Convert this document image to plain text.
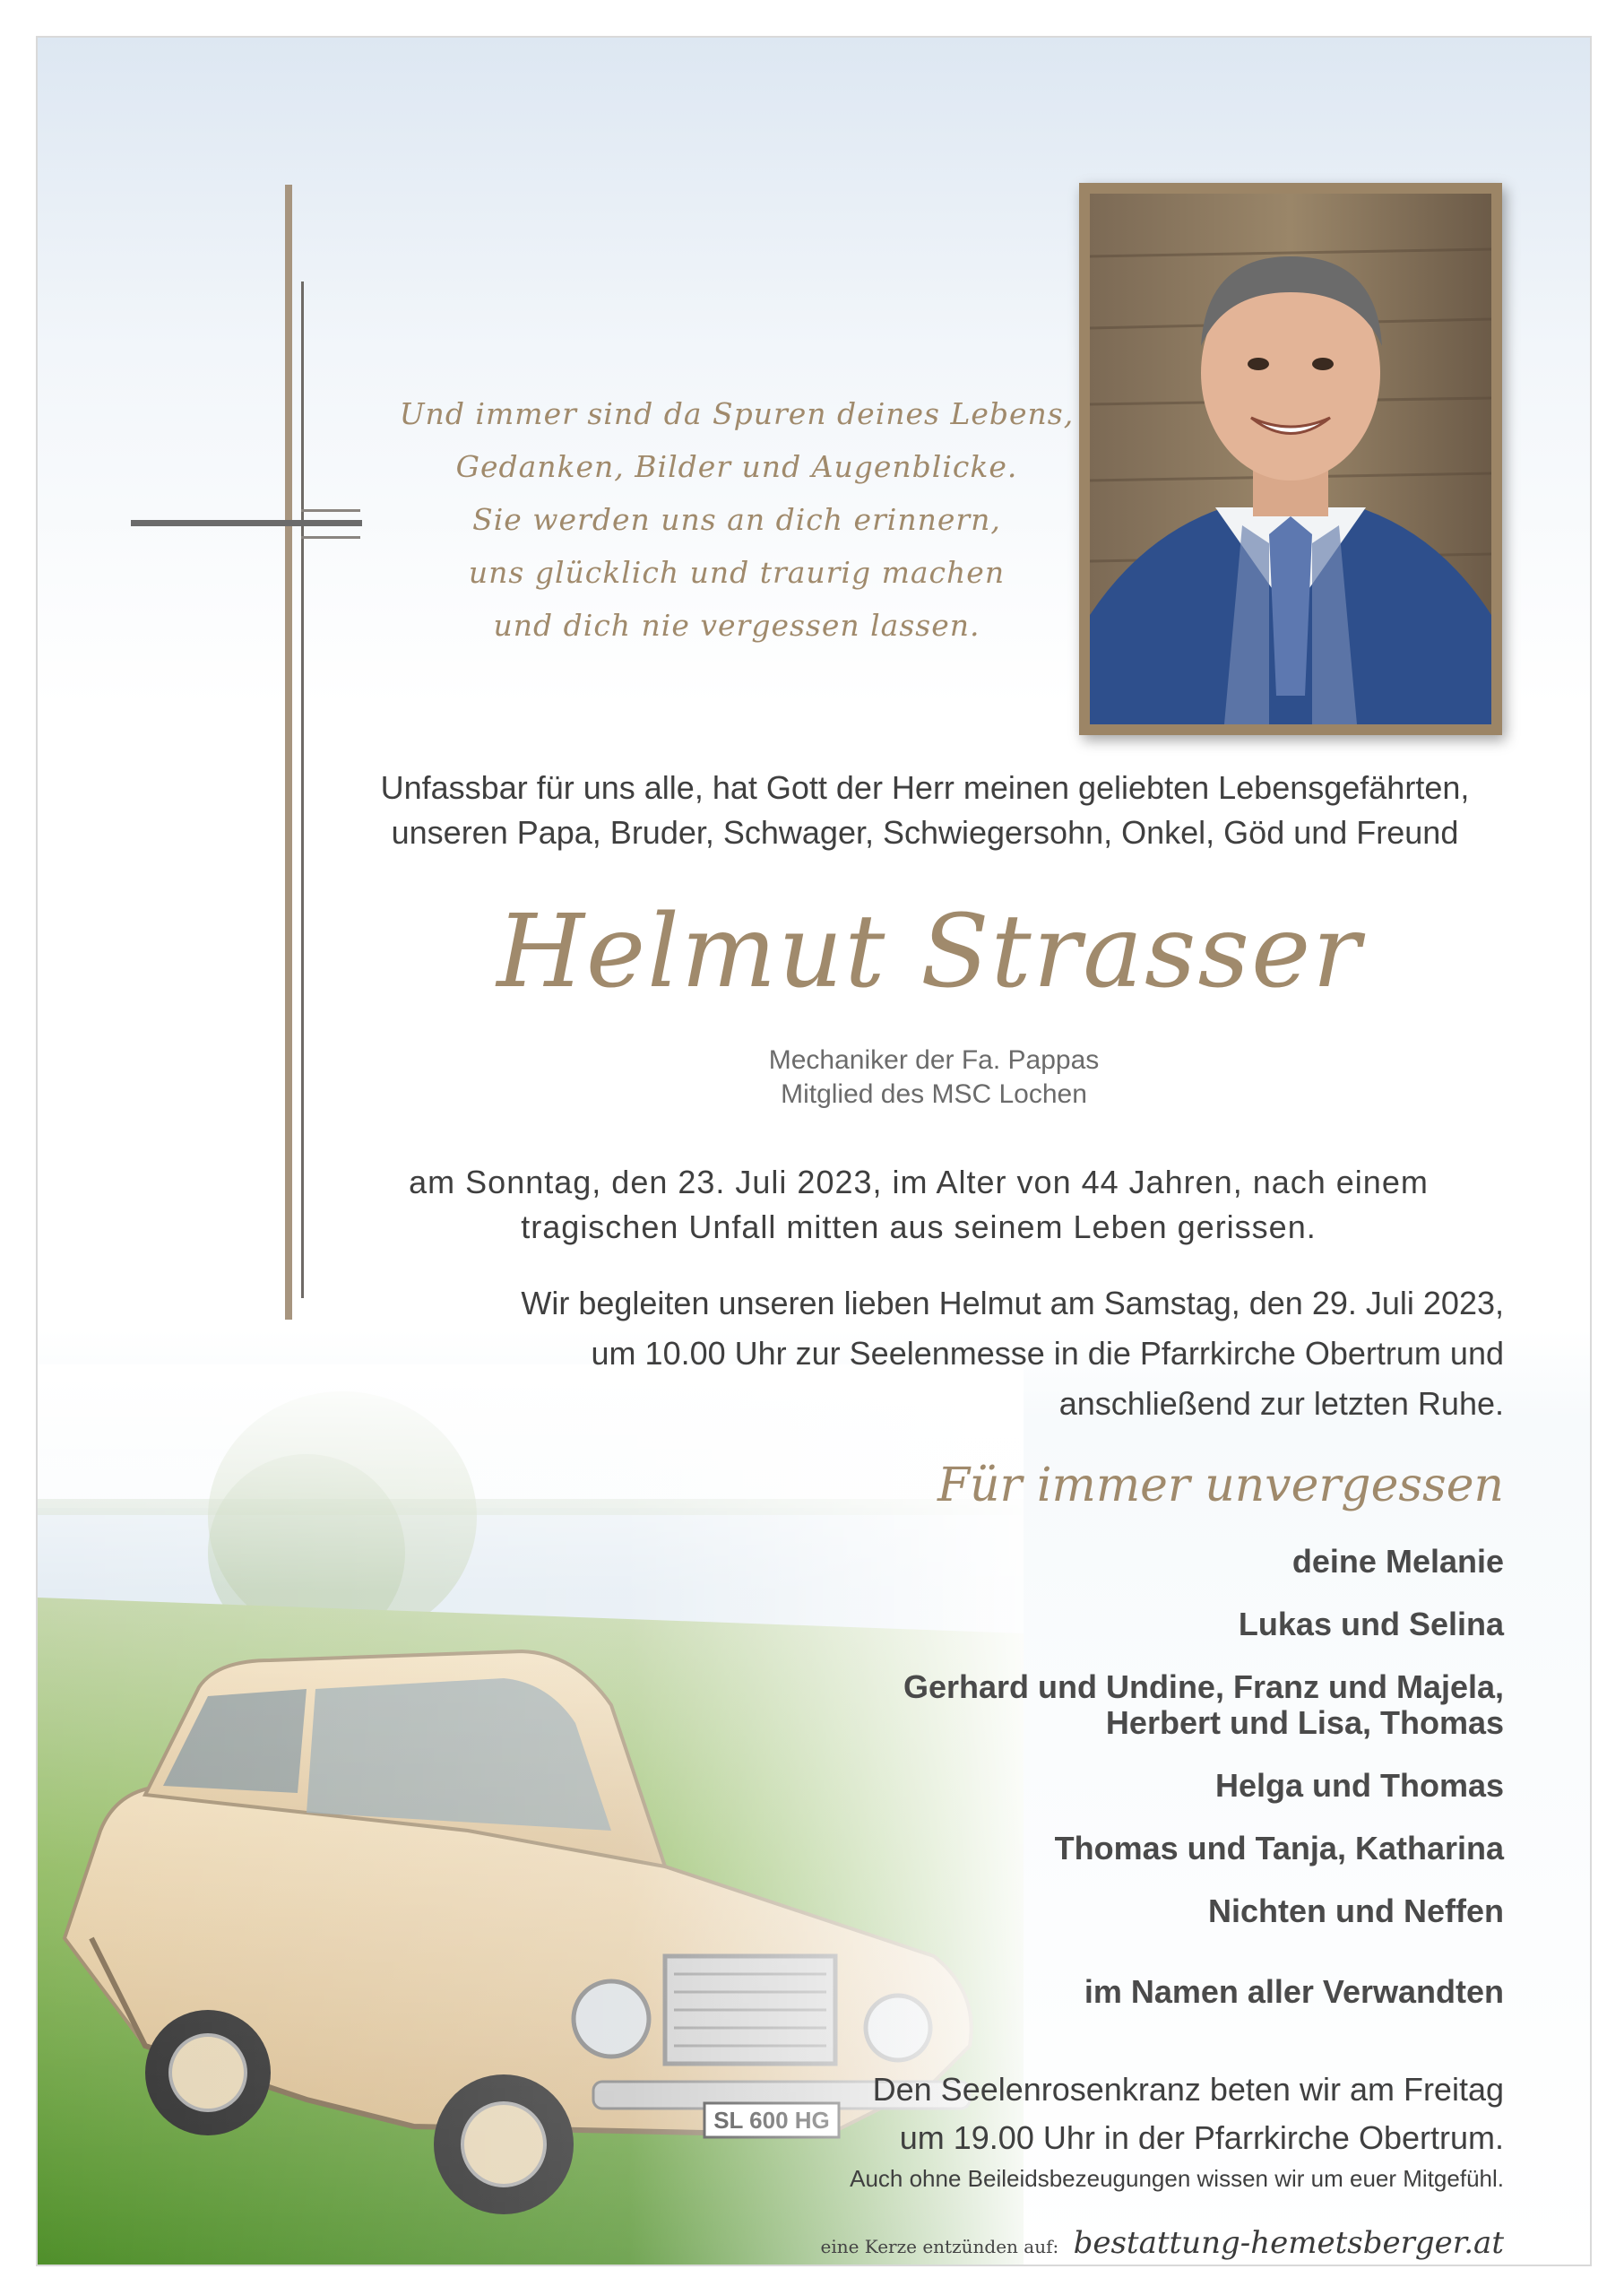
Und immer sind da Spuren deines Lebens,
Gedanken, Bilder und Augenblicke.
Sie werden uns an dich erinnern,
uns glücklich und traurig machen
und dich nie vergessen lassen.
Unfassbar für uns alle, hat Gott der Herr meinen geliebten Lebensgefährten,
unseren Papa, Bruder, Schwager, Schwiegersohn, Onkel, Göd und Freund
Helmut Strasser
Mechaniker der Fa. Pappas
Mitglied des MSC Lochen
am Sonntag, den 23. Juli 2023, im Alter von 44 Jahren, nach einem
tragischen Unfall mitten aus seinem Leben gerissen.
Wir begleiten unseren lieben Helmut am Samstag, den 29. Juli 2023,
um 10.00 Uhr zur Seelenmesse in die Pfarrkirche Obertrum und
anschließend zur letzten Ruhe.
Für immer unvergessen
deine Melanie
Lukas und Selina
Gerhard und Undine, Franz und Majela,
Herbert und Lisa, Thomas
Helga und Thomas
Thomas und Tanja, Katharina
Nichten und Neffen
im Namen aller Verwandten
Den Seelenrosenkranz beten wir am Freitag
um 19.00 Uhr in der Pfarrkirche Obertrum.
Auch ohne Beileidsbezeugungen wissen wir um euer Mitgefühl.
eine Kerze entzünden auf: bestattung-hemetsberger.at
